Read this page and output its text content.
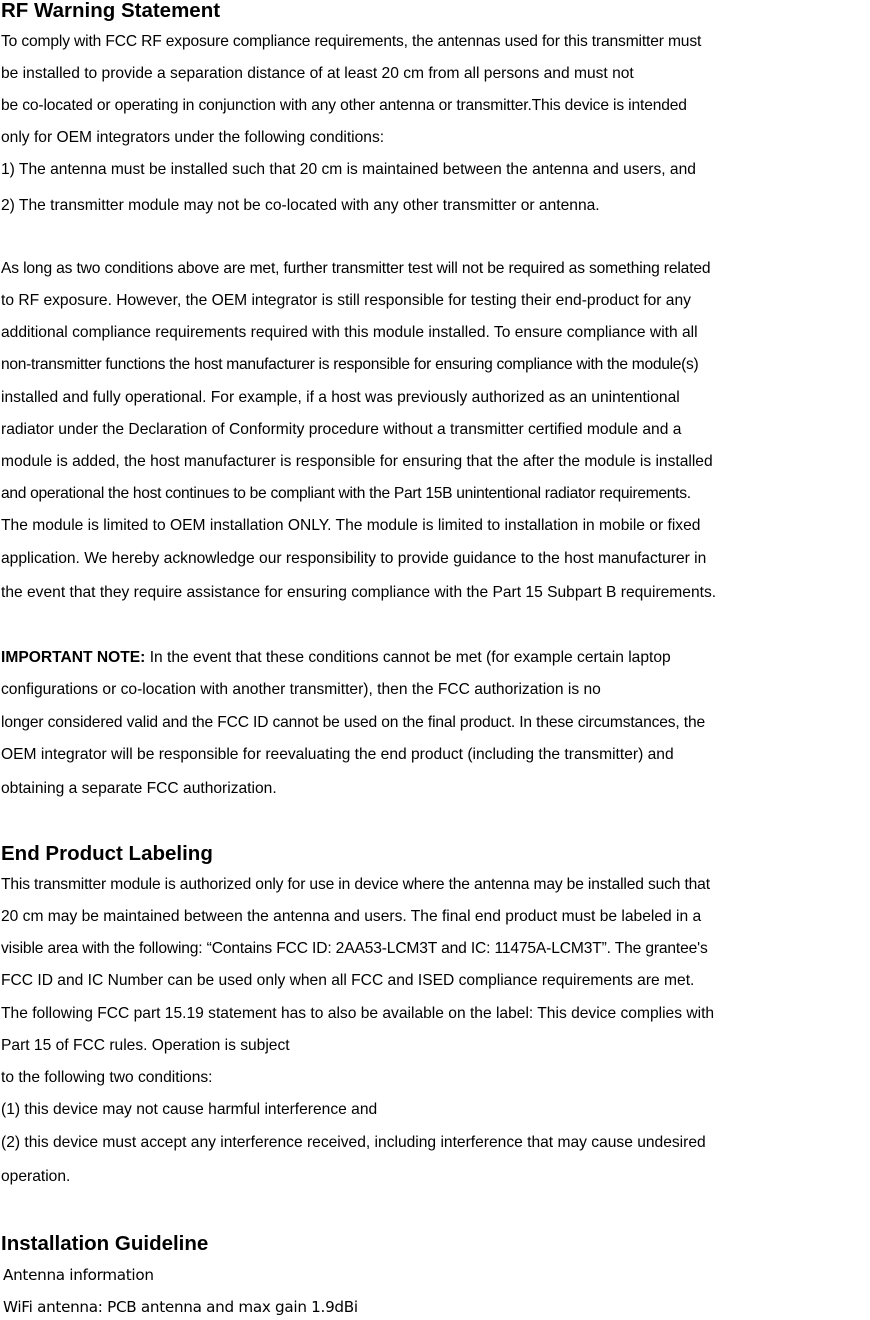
RF Warning Statement

To comply with FCC RF exposure compliance requirements, the antennas used for this transmitter must

be installed to provide a separation distance of at least 20 cm from all persons and must not

be co-located or operating in conjunction with any other antenna or transmitter.This device is intended

only for OEM integrators under the following conditions:

1) The antenna must be installed such that 20 cm is maintained between the antenna and users, and

2) The transmitter module may not be co-located with any other transmitter or antenna.

As long as two conditions above are met, further transmitter test will not be required as something related

to RF exposure. However, the OEM integrator is still responsible for testing their end-product for any

additional compliance requirements required with this module installed. To ensure compliance with all

non-transmitter functions the host manufacturer is responsible for ensuring compliance with the module(s)

installed and fully operational. For example, if a host was previously authorized as an unintentional

radiator under the Declaration of Conformity procedure without a transmitter certified module and a

module is added, the host manufacturer is responsible for ensuring that the after the module is installed

and operational the host continues to be compliant with the Part 15B unintentional radiator requirements.

The module is limited to OEM installation ONLY. The module is limited to installation in mobile or fixed

application. We hereby acknowledge our responsibility to provide guidance to the host manufacturer in

the event that they require assistance for ensuring compliance with the Part 15 Subpart B requirements.

IMPORTANT NOTE: In the event that these conditions cannot be met (for example certain laptop

configurations or co-location with another transmitter), then the FCC authorization is no

longer considered valid and the FCC ID cannot be used on the final product. In these circumstances, the

OEM integrator will be responsible for reevaluating the end product (including the transmitter) and

obtaining a separate FCC authorization.

End Product Labeling

This transmitter module is authorized only for use in device where the antenna may be installed such that

20 cm may be maintained between the antenna and users. The final end product must be labeled in a

visible area with the following: “Contains FCC ID: 2AA53-LCM3T and IC: 11475A-LCM3T”. The grantee's

FCC ID and IC Number can be used only when all FCC and ISED compliance requirements are met.

The following FCC part 15.19 statement has to also be available on the label: This device complies with

Part 15 of FCC rules. Operation is subject

to the following two conditions:

(1) this device may not cause harmful interference and

(2) this device must accept any interference received, including interference that may cause undesired

operation.

Installation Guideline

Antenna information

WiFi antenna: PCB antenna and max gain 1.9dBi
